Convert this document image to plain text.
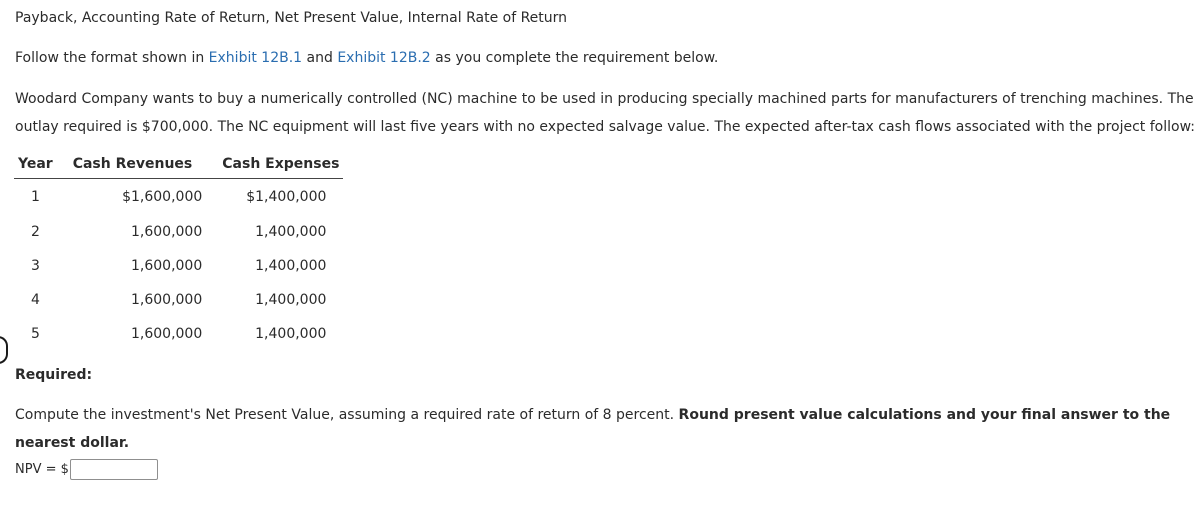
Payback, Accounting Rate of Return, Net Present Value, Internal Rate of Return
Follow the format shown in Exhibit 12B.1 and Exhibit 12B.2 as you complete the requirement below.
Woodard Company wants to buy a numerically controlled (NC) machine to be used in producing specially machined parts for manufacturers of trenching machines. The
outlay required is $700,000. The NC equipment will last five years with no expected salvage value. The expected after-tax cash flows associated with the project follow:
Year	Cash Revenues	Cash Expenses
1	$1,600,000	$1,400,000
2	1,600,000	1,400,000
3	1,600,000	1,400,000
4	1,600,000	1,400,000
5	1,600,000	1,400,000
Required:
Compute the investment's Net Present Value, assuming a required rate of return of 8 percent. Round present value calculations and your final answer to the
nearest dollar.
NPV = $
